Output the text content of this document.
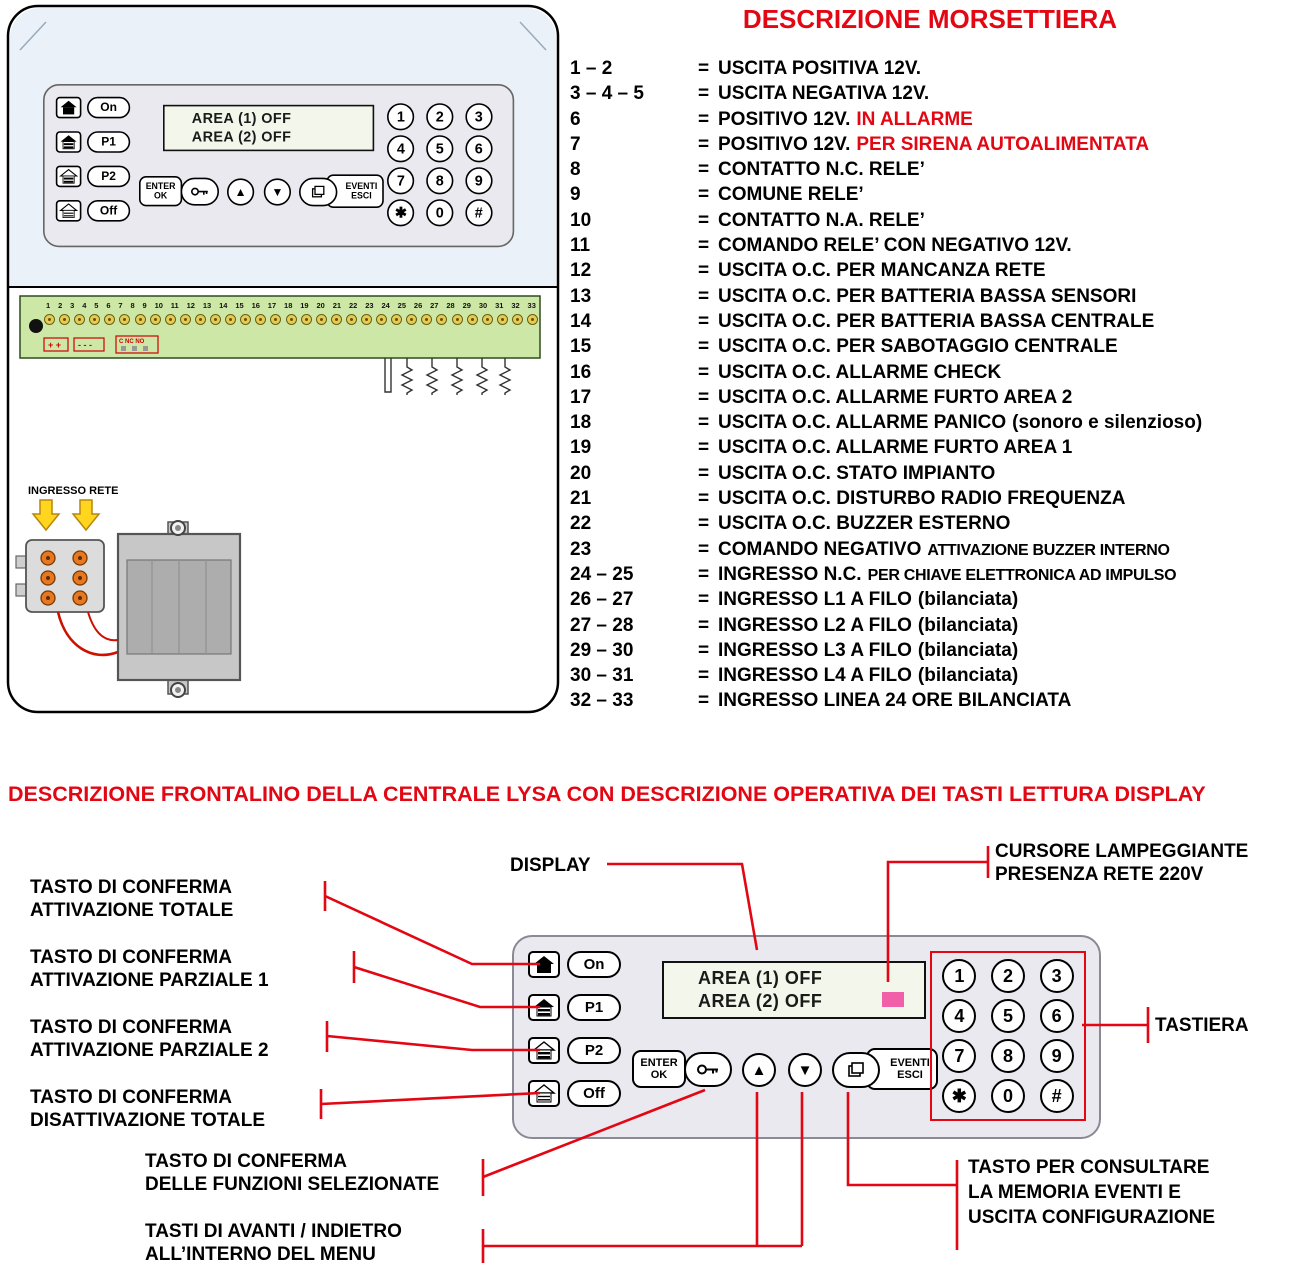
+ + - - -	C NC NO
INGRESSO RETE
1 2 3 4 5 6 7 8 9 10 11 12 13 14 15 16 17 18 19 20 21 22 23 24 25 26 27 28 29 30 31 32 33
On
P1
P2
Off
AREA (1) OFF
AREA (2) OFF
ENTER
OK	▲	▼	EVENTI
ESCI
1	2	3
4	5	6
7	8	9
✱	0	#
DESCRIZIONE MORSETTIERA
1 – 2	= USCITA POSITIVA 12V.
3 – 4 – 5	= USCITA NEGATIVA 12V.
6	= POSITIVO 12V. IN ALLARME
7	= POSITIVO 12V. PER SIRENA AUTOALIMENTATA
8	= CONTATTO N.C. RELE’
9	= COMUNE RELE’
10	= CONTATTO N.A. RELE’
11	= COMANDO RELE’ CON NEGATIVO 12V.
12	= USCITA O.C. PER MANCANZA RETE
13	= USCITA O.C. PER BATTERIA BASSA SENSORI
14	= USCITA O.C. PER BATTERIA BASSA CENTRALE
15	= USCITA O.C. PER SABOTAGGIO CENTRALE
16	= USCITA O.C. ALLARME CHECK
17	= USCITA O.C. ALLARME FURTO AREA 2
18	= USCITA O.C. ALLARME PANICO (sonoro e silenzioso)
19	= USCITA O.C. ALLARME FURTO AREA 1
20	= USCITA O.C. STATO IMPIANTO
21	= USCITA O.C. DISTURBO RADIO FREQUENZA
22	= USCITA O.C. BUZZER ESTERNO
23	= COMANDO NEGATIVO ATTIVAZIONE BUZZER INTERNO
24 – 25	= INGRESSO N.C. PER CHIAVE ELETTRONICA AD IMPULSO
26 – 27	= INGRESSO L1 A FILO (bilanciata)
27 – 28	= INGRESSO L2 A FILO (bilanciata)
29 – 30	= INGRESSO L3 A FILO (bilanciata)
30 – 31	= INGRESSO L4 A FILO (bilanciata)
32 – 33	= INGRESSO LINEA 24 ORE BILANCIATA
DESCRIZIONE FRONTALINO DELLA CENTRALE LYSA CON DESCRIZIONE OPERATIVA DEI TASTI LETTURA DISPLAY
On
P1
P2
Off
AREA (1) OFF
AREA (2) OFF
ENTER
OK	▲	▼	EVENTI
ESCI
1	2	3
4	5	6
7	8	9
✱	0	#
TASTO DI CONFERMA
ATTIVAZIONE TOTALE
TASTO DI CONFERMA
ATTIVAZIONE PARZIALE 1
TASTO DI CONFERMA
ATTIVAZIONE PARZIALE 2
TASTO DI CONFERMA
DISATTIVAZIONE TOTALE
DISPLAY
CURSORE LAMPEGGIANTE
PRESENZA RETE 220V
TASTIERA
TASTO DI CONFERMA
DELLE FUNZIONI SELEZIONATE
TASTI DI AVANTI / INDIETRO
ALL’INTERNO DEL MENU
TASTO PER CONSULTARE
LA MEMORIA EVENTI E
USCITA CONFIGURAZIONE
